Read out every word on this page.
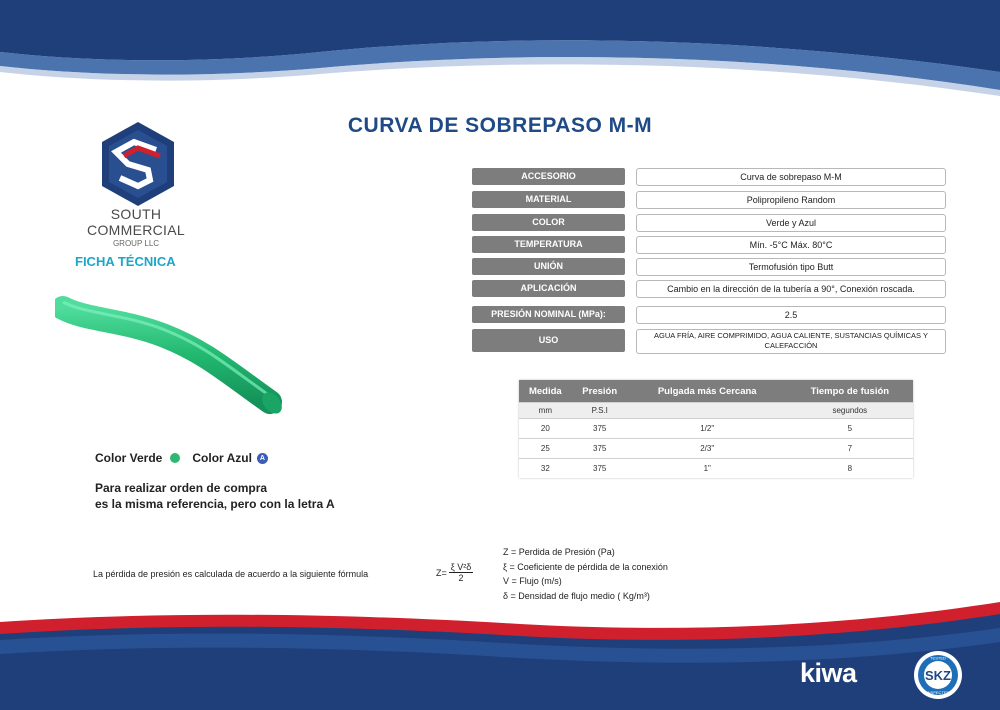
CURVA DE SOBREPASO M-M
SOUTH COMMERCIAL
GROUP LLC
FICHA TÉCNICA
Color Verde	Color Azul	A
Para realizar orden de compra
es la misma referencia, pero con la letra A
ACCESORIO	Curva de sobrepaso M-M
MATERIAL	Polipropileno Random
COLOR	Verde y Azul
TEMPERATURA	Mín. -5°C Máx. 80°C
UNIÓN	Termofusión tipo Butt
APLICACIÓN	Cambio en la dirección de la tubería a 90°, Conexión roscada.
PRESIÓN NOMINAL (MPa):	2.5
USO	AGUA FRÍA, AIRE COMPRIMIDO, AGUA CALIENTE, SUSTANCIAS QUÍMICAS Y CALEFACCIÓN
Medida	Presión	Pulgada más Cercana	Tiempo de fusión
mm	P.S.I		segundos
20	375	1/2"	5
25	375	2/3"	7
32	375	1"	8
La pérdida de presión es calculada de acuerdo a la siguiente fórmula	$Z= \frac{\text{ξ V²δ}}{2}$
Z = Perdida de Presión (Pa)
ξ = Coeficiente de pérdida de la conexión
V = Flujo (m/s)
δ = Densidad de flujo medio ( Kg/m³)
kiwa	SKZ
TESTED
INSPECTED
